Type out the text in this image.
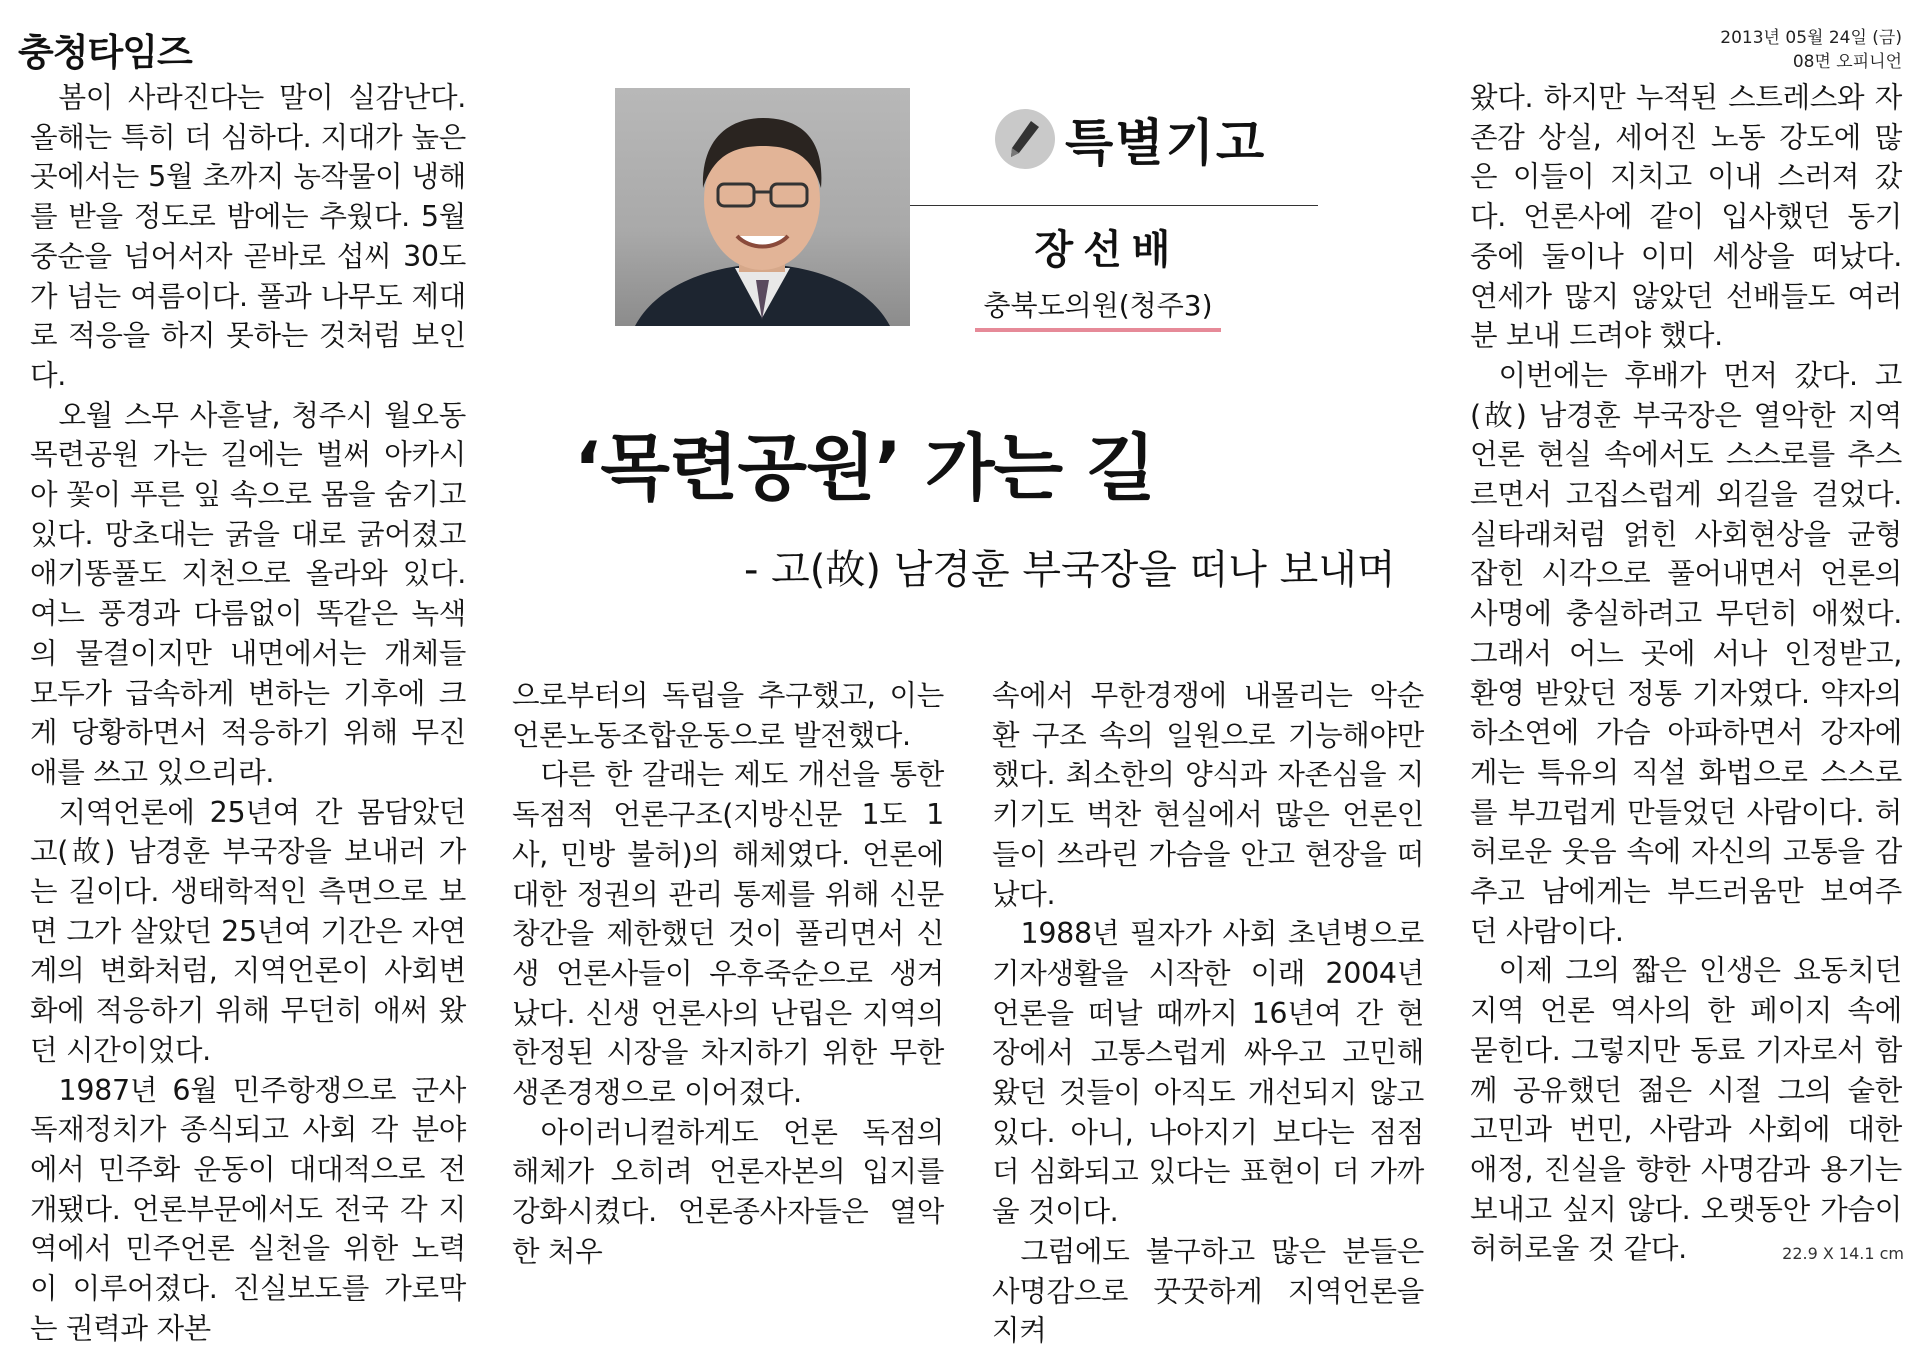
충청타임즈	2013년 05월 24일 (금)
08면 오피니언
특별기고
장선배
충북도의원(청주3)
‘목련공원’ 가는 길
- 고(故) 남경훈 부국장을 떠나 보내며

봄이 사라진다는 말이 실감난다. 올해는 특히 더 심하다. 지대가 높은 곳에서는 5월 초까지 농작물이 냉해를 받을 정도로 밤에는 추웠다. 5월 중순을 넘어서자 곧바로 섭씨 30도가 넘는 여름이다. 풀과 나무도 제대로 적응을 하지 못하는 것처럼 보인다.

오월 스무 사흗날, 청주시 월오동 목련공원 가는 길에는 벌써 아카시아 꽃이 푸른 잎 속으로 몸을 숨기고 있다. 망초대는 굵을 대로 굵어졌고 애기똥풀도 지천으로 올라와 있다. 여느 풍경과 다름없이 똑같은 녹색의 물결이지만 내면에서는 개체들 모두가 급속하게 변하는 기후에 크게 당황하면서 적응하기 위해 무진 애를 쓰고 있으리라.

지역언론에 25년여 간 몸담았던 고(故) 남경훈 부국장을 보내러 가는 길이다. 생태학적인 측면으로 보면 그가 살았던 25년여 기간은 자연계의 변화처럼, 지역언론이 사회변화에 적응하기 위해 무던히 애써 왔던 시간이었다.

1987년 6월 민주항쟁으로 군사 독재정치가 종식되고 사회 각 분야에서 민주화 운동이 대대적으로 전개됐다. 언론부문에서도 전국 각 지역에서 민주언론 실천을 위한 노력이 이루어졌다. 진실보도를 가로막는 권력과 자본

으로부터의 독립을 추구했고, 이는 언론노동조합운동으로 발전했다.

다른 한 갈래는 제도 개선을 통한 독점적 언론구조(지방신문 1도 1사, 민방 불허)의 해체였다. 언론에 대한 정권의 관리 통제를 위해 신문 창간을 제한했던 것이 풀리면서 신생 언론사들이 우후죽순으로 생겨났다. 신생 언론사의 난립은 지역의 한정된 시장을 차지하기 위한 무한 생존경쟁으로 이어졌다.

아이러니컬하게도 언론 독점의 해체가 오히려 언론자본의 입지를 강화시켰다. 언론종사자들은 열악한 처우

속에서 무한경쟁에 내몰리는 악순환 구조 속의 일원으로 기능해야만 했다. 최소한의 양식과 자존심을 지키기도 벅찬 현실에서 많은 언론인들이 쓰라린 가슴을 안고 현장을 떠났다.

1988년 필자가 사회 초년병으로 기자생활을 시작한 이래 2004년 언론을 떠날 때까지 16년여 간 현장에서 고통스럽게 싸우고 고민해 왔던 것들이 아직도 개선되지 않고 있다. 아니, 나아지기 보다는 점점 더 심화되고 있다는 표현이 더 가까울 것이다.

그럼에도 불구하고 많은 분들은 사명감으로 꿋꿋하게 지역언론을 지켜

왔다. 하지만 누적된 스트레스와 자존감 상실, 세어진 노동 강도에 많은 이들이 지치고 이내 스러져 갔다. 언론사에 같이 입사했던 동기 중에 둘이나 이미 세상을 떠났다. 연세가 많지 않았던 선배들도 여러분 보내 드려야 했다.

이번에는 후배가 먼저 갔다. 고(故) 남경훈 부국장은 열악한 지역언론 현실 속에서도 스스로를 추스르면서 고집스럽게 외길을 걸었다. 실타래처럼 얽힌 사회현상을 균형 잡힌 시각으로 풀어내면서 언론의 사명에 충실하려고 무던히 애썼다. 그래서 어느 곳에 서나 인정받고, 환영 받았던 정통 기자였다. 약자의 하소연에 가슴 아파하면서 강자에게는 특유의 직설 화법으로 스스로를 부끄럽게 만들었던 사람이다. 허허로운 웃음 속에 자신의 고통을 감추고 남에게는 부드러움만 보여주던 사람이다.

이제 그의 짧은 인생은 요동치던 지역 언론 역사의 한 페이지 속에 묻힌다. 그렇지만 동료 기자로서 함께 공유했던 젊은 시절 그의 숱한 고민과 번민, 사람과 사회에 대한 애정, 진실을 향한 사명감과 용기는 보내고 싶지 않다. 오랫동안 가슴이 허허로울 것 같다.	22.9 X 14.1 cm
